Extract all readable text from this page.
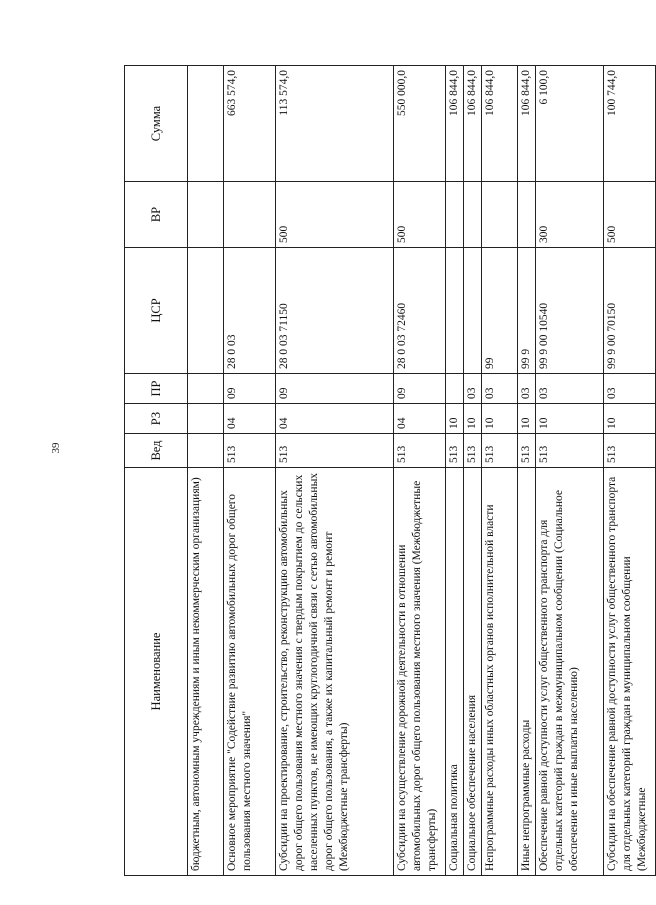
39
Наименование	Вед	РЗ	ПР	ЦСР	ВР	Сумма
бюджетным, автономным учреждениям и иным некоммерческим организациям)						
Основное мероприятие "Содействие развитию автомобильных дорог общего пользования местного значения"	513	04	09	28 0 03		663 574,0
Субсидии на проектирование, строительство, реконструкцию автомобильных дорог общего пользования местного значения с твердым покрытием до сельских населенных пунктов, не имеющих круглогодичной связи с сетью автомобильных дорог общего пользования, а также их капитальный ремонт и ремонт (Межбюджетные трансферты)	513	04	09	28 0 03 71150	500	113 574,0
Субсидии на осуществление дорожной деятельности в отношении автомобильных дорог общего пользования местного значения (Межбюджетные трансферты)	513	04	09	28 0 03 72460	500	550 000,0
Социальная политика	513	10				106 844,0
Социальное обеспечение населения	513	10	03			106 844,0
Непрограммные расходы иных областных органов исполнительной власти	513	10	03	99		106 844,0
Иные непрограммные расходы	513	10	03	99 9		106 844,0
Обеспечение равной доступности услуг общественного транспорта для отдельных категорий граждан в межмуниципальном сообщении (Социальное обеспечение и иные выплаты населению)	513	10	03	99 9 00 10540	300	6 100,0
Субсидии на обеспечение равной доступности услуг общественного транспорта для отдельных категорий граждан в муниципальном сообщении (Межбюджетные	513	10	03	99 9 00 70150	500	100 744,0
